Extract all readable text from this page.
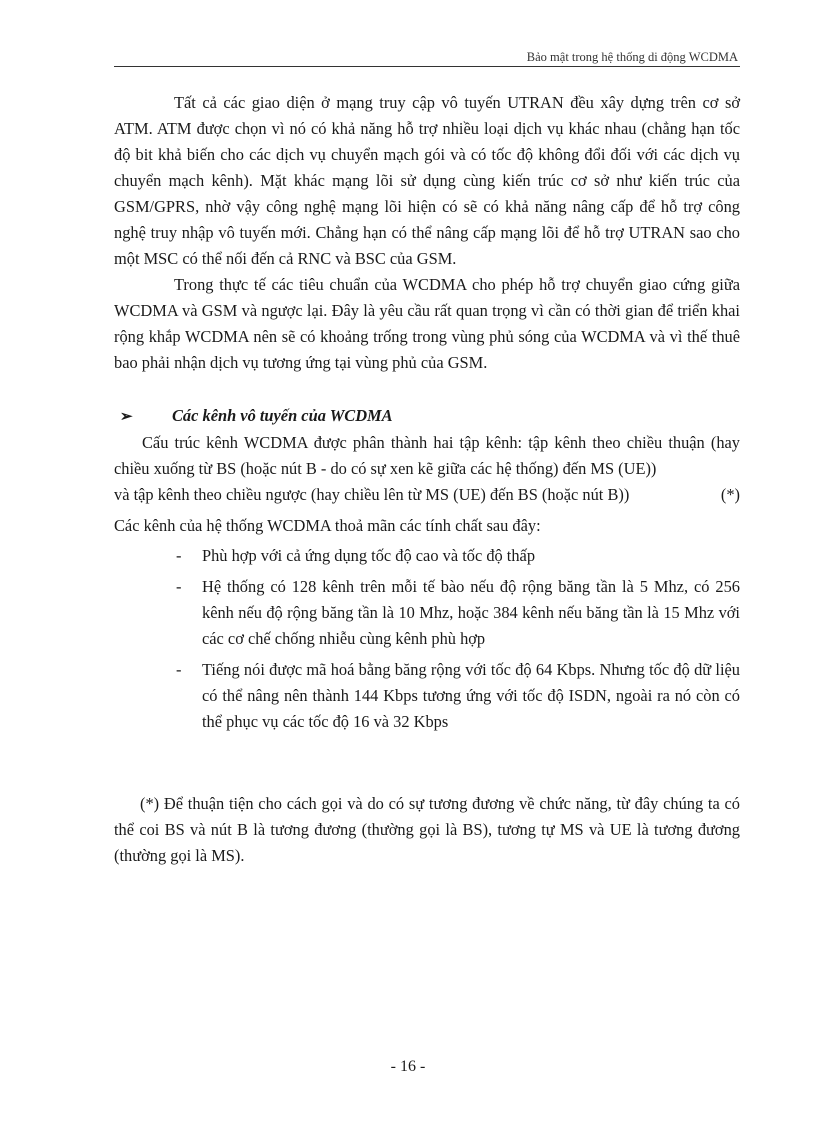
Bảo mật trong hệ thống di động WCDMA

Tất cả các giao diện ở mạng truy cập vô tuyến UTRAN đều xây dựng trên cơ sở ATM. ATM được chọn vì nó có khả năng hỗ trợ nhiều loại dịch vụ khác nhau (chẳng hạn tốc độ bit khả biến cho các dịch vụ chuyển mạch gói và có tốc độ không đổi đối với các dịch vụ chuyển mạch kênh). Mặt khác mạng lõi sử dụng cùng kiến trúc cơ sở như kiến trúc của GSM/GPRS, nhờ vậy công nghệ mạng lõi hiện có sẽ có khả năng nâng cấp để hỗ trợ công nghệ truy nhập vô tuyến mới. Chẳng hạn có thể nâng cấp mạng lõi để hỗ trợ UTRAN sao cho một MSC có thể nối đến cả RNC và BSC của GSM.

Trong thực tế các tiêu chuẩn của WCDMA cho phép hỗ trợ chuyển giao cứng giữa WCDMA và GSM và ngược lại. Đây là yêu cầu rất quan trọng vì cần có thời gian để triển khai rộng khắp WCDMA nên sẽ có khoảng trống trong vùng phủ sóng của WCDMA và vì thế thuê bao phải nhận dịch vụ tương ứng tại vùng phủ của GSM.

➢	Các kênh vô tuyến của WCDMA

Cấu trúc kênh WCDMA được phân thành hai tập kênh: tập kênh theo chiều thuận (hay chiều xuống từ BS (hoặc nút B - do có sự xen kẽ giữa các hệ thống) đến MS (UE))

và tập kênh theo chiều ngược (hay chiều lên từ MS (UE) đến BS (hoặc nút B))	(*)

Các kênh của hệ thống WCDMA thoả mãn các tính chất sau đây:

-	Phù hợp với cả ứng dụng tốc độ cao và tốc độ thấp
-	Hệ thống có 128 kênh trên mỗi tế bào nếu độ rộng băng tần là 5 Mhz, có 256 kênh nếu độ rộng băng tần là 10 Mhz, hoặc 384 kênh nếu băng tần là 15 Mhz với các cơ chế chống nhiễu cùng kênh phù hợp
-	Tiếng nói được mã hoá bằng băng rộng với tốc độ 64 Kbps. Nhưng tốc độ dữ liệu có thể nâng nên thành 144 Kbps tương ứng với tốc độ ISDN, ngoài ra nó còn có thể phục vụ các tốc độ 16 và 32 Kbps

(*) Để thuận tiện cho cách gọi và do có sự tương đương về chức năng, từ đây chúng ta có thể coi BS và nút B là tương đương (thường gọi là BS), tương tự MS và UE là tương đương (thường gọi là MS).

- 16 -
